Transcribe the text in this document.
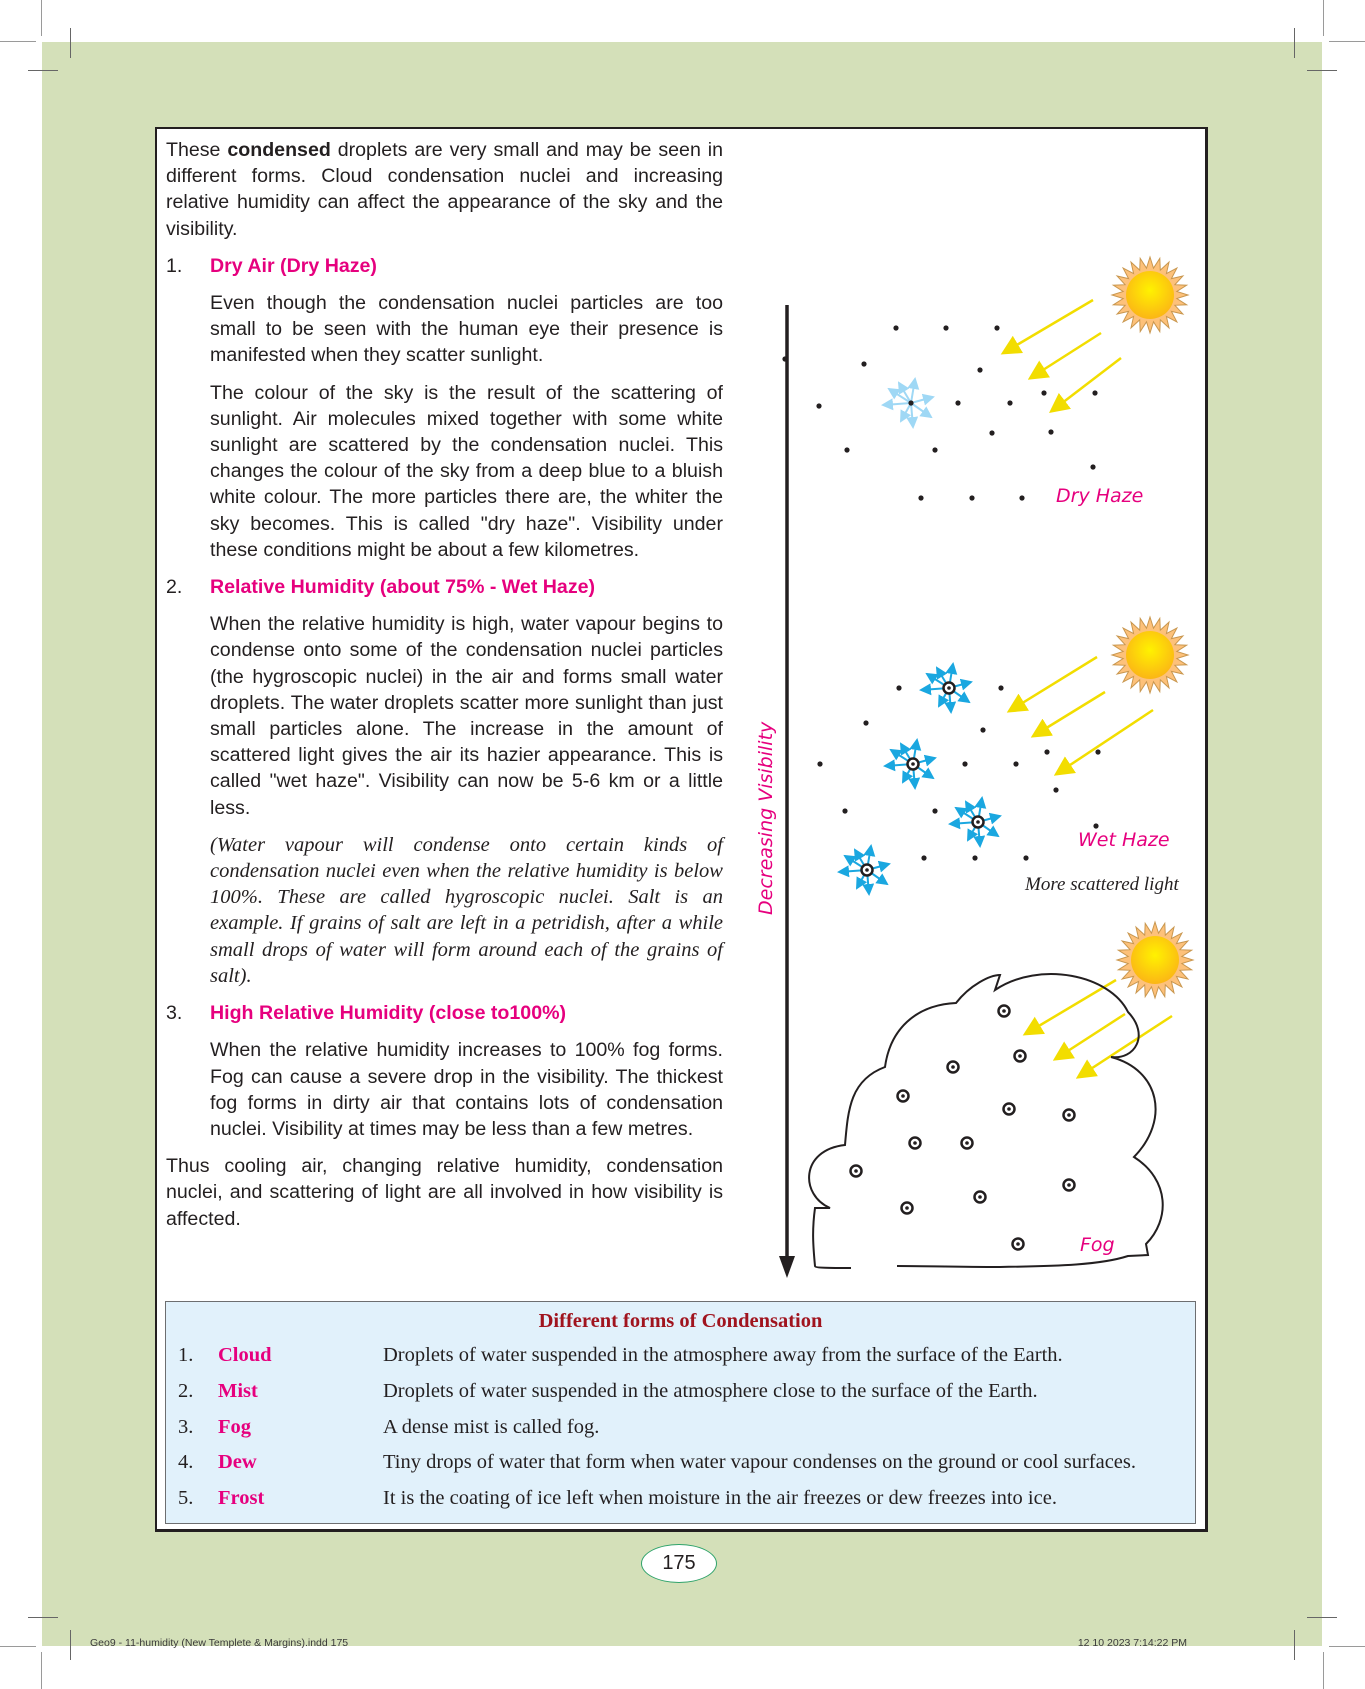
These condensed droplets are very small and may be seen in different forms. Cloud condensation nuclei and increasing relative humidity can affect the appearance of the sky and the visibility.

1.	Dry Air (Dry Haze)

Even though the condensation nuclei particles are too small to be seen with the human eye their presence is manifested when they scatter sunlight.

The colour of the sky is the result of the scattering of sunlight. Air molecules mixed together with some white sunlight are scattered by the condensation nuclei. This changes the colour of the sky from a deep blue to a bluish white colour. The more particles there are, the whiter the sky becomes. This is called "dry haze". Visibility under these conditions might be about a few kilometres.

2.	Relative Humidity (about 75% - Wet Haze)

When the relative humidity is high, water vapour begins to condense onto some of the condensation nuclei particles (the hygroscopic nuclei) in the air and forms small water droplets. The water droplets scatter more sunlight than just small particles alone. The increase in the amount of scattered light gives the air its hazier appearance. This is called "wet haze". Visibility can now be 5-6 km or a little less.

(Water vapour will condense onto certain kinds of condensation nuclei even when the relative humidity is below 100%. These are called hygroscopic nuclei. Salt is an example. If grains of salt are left in a petridish, after a while small drops of water will form around each of the grains of salt).

3.	High Relative Humidity (close to100%)

When the relative humidity increases to 100% fog forms. Fog can cause a severe drop in the visibility. The thickest fog forms in dirty air that contains lots of condensation nuclei. Visibility at times may be less than a few metres.

Thus cooling air, changing relative humidity, condensation nuclei, and scattering of light are all involved in how visibility is affected.

Decreasing Visibility
Dry Haze
Wet Haze
More scattered light
Fog
Different forms of Condensation
1.	Cloud	Droplets of water suspended in the atmosphere away from the surface of the Earth.
2.	Mist	Droplets of water suspended in the atmosphere close to the surface of the Earth.
3.	Fog	A dense mist is called fog.
4.	Dew	Tiny drops of water that form when water vapour condenses on the ground or cool surfaces.
5.	Frost	It is the coating of ice left when moisture in the air freezes or dew freezes into ice.
175
Geo9 - 11-humidity (New Templete & Margins).indd 175	12 10 2023 7:14:22 PM
